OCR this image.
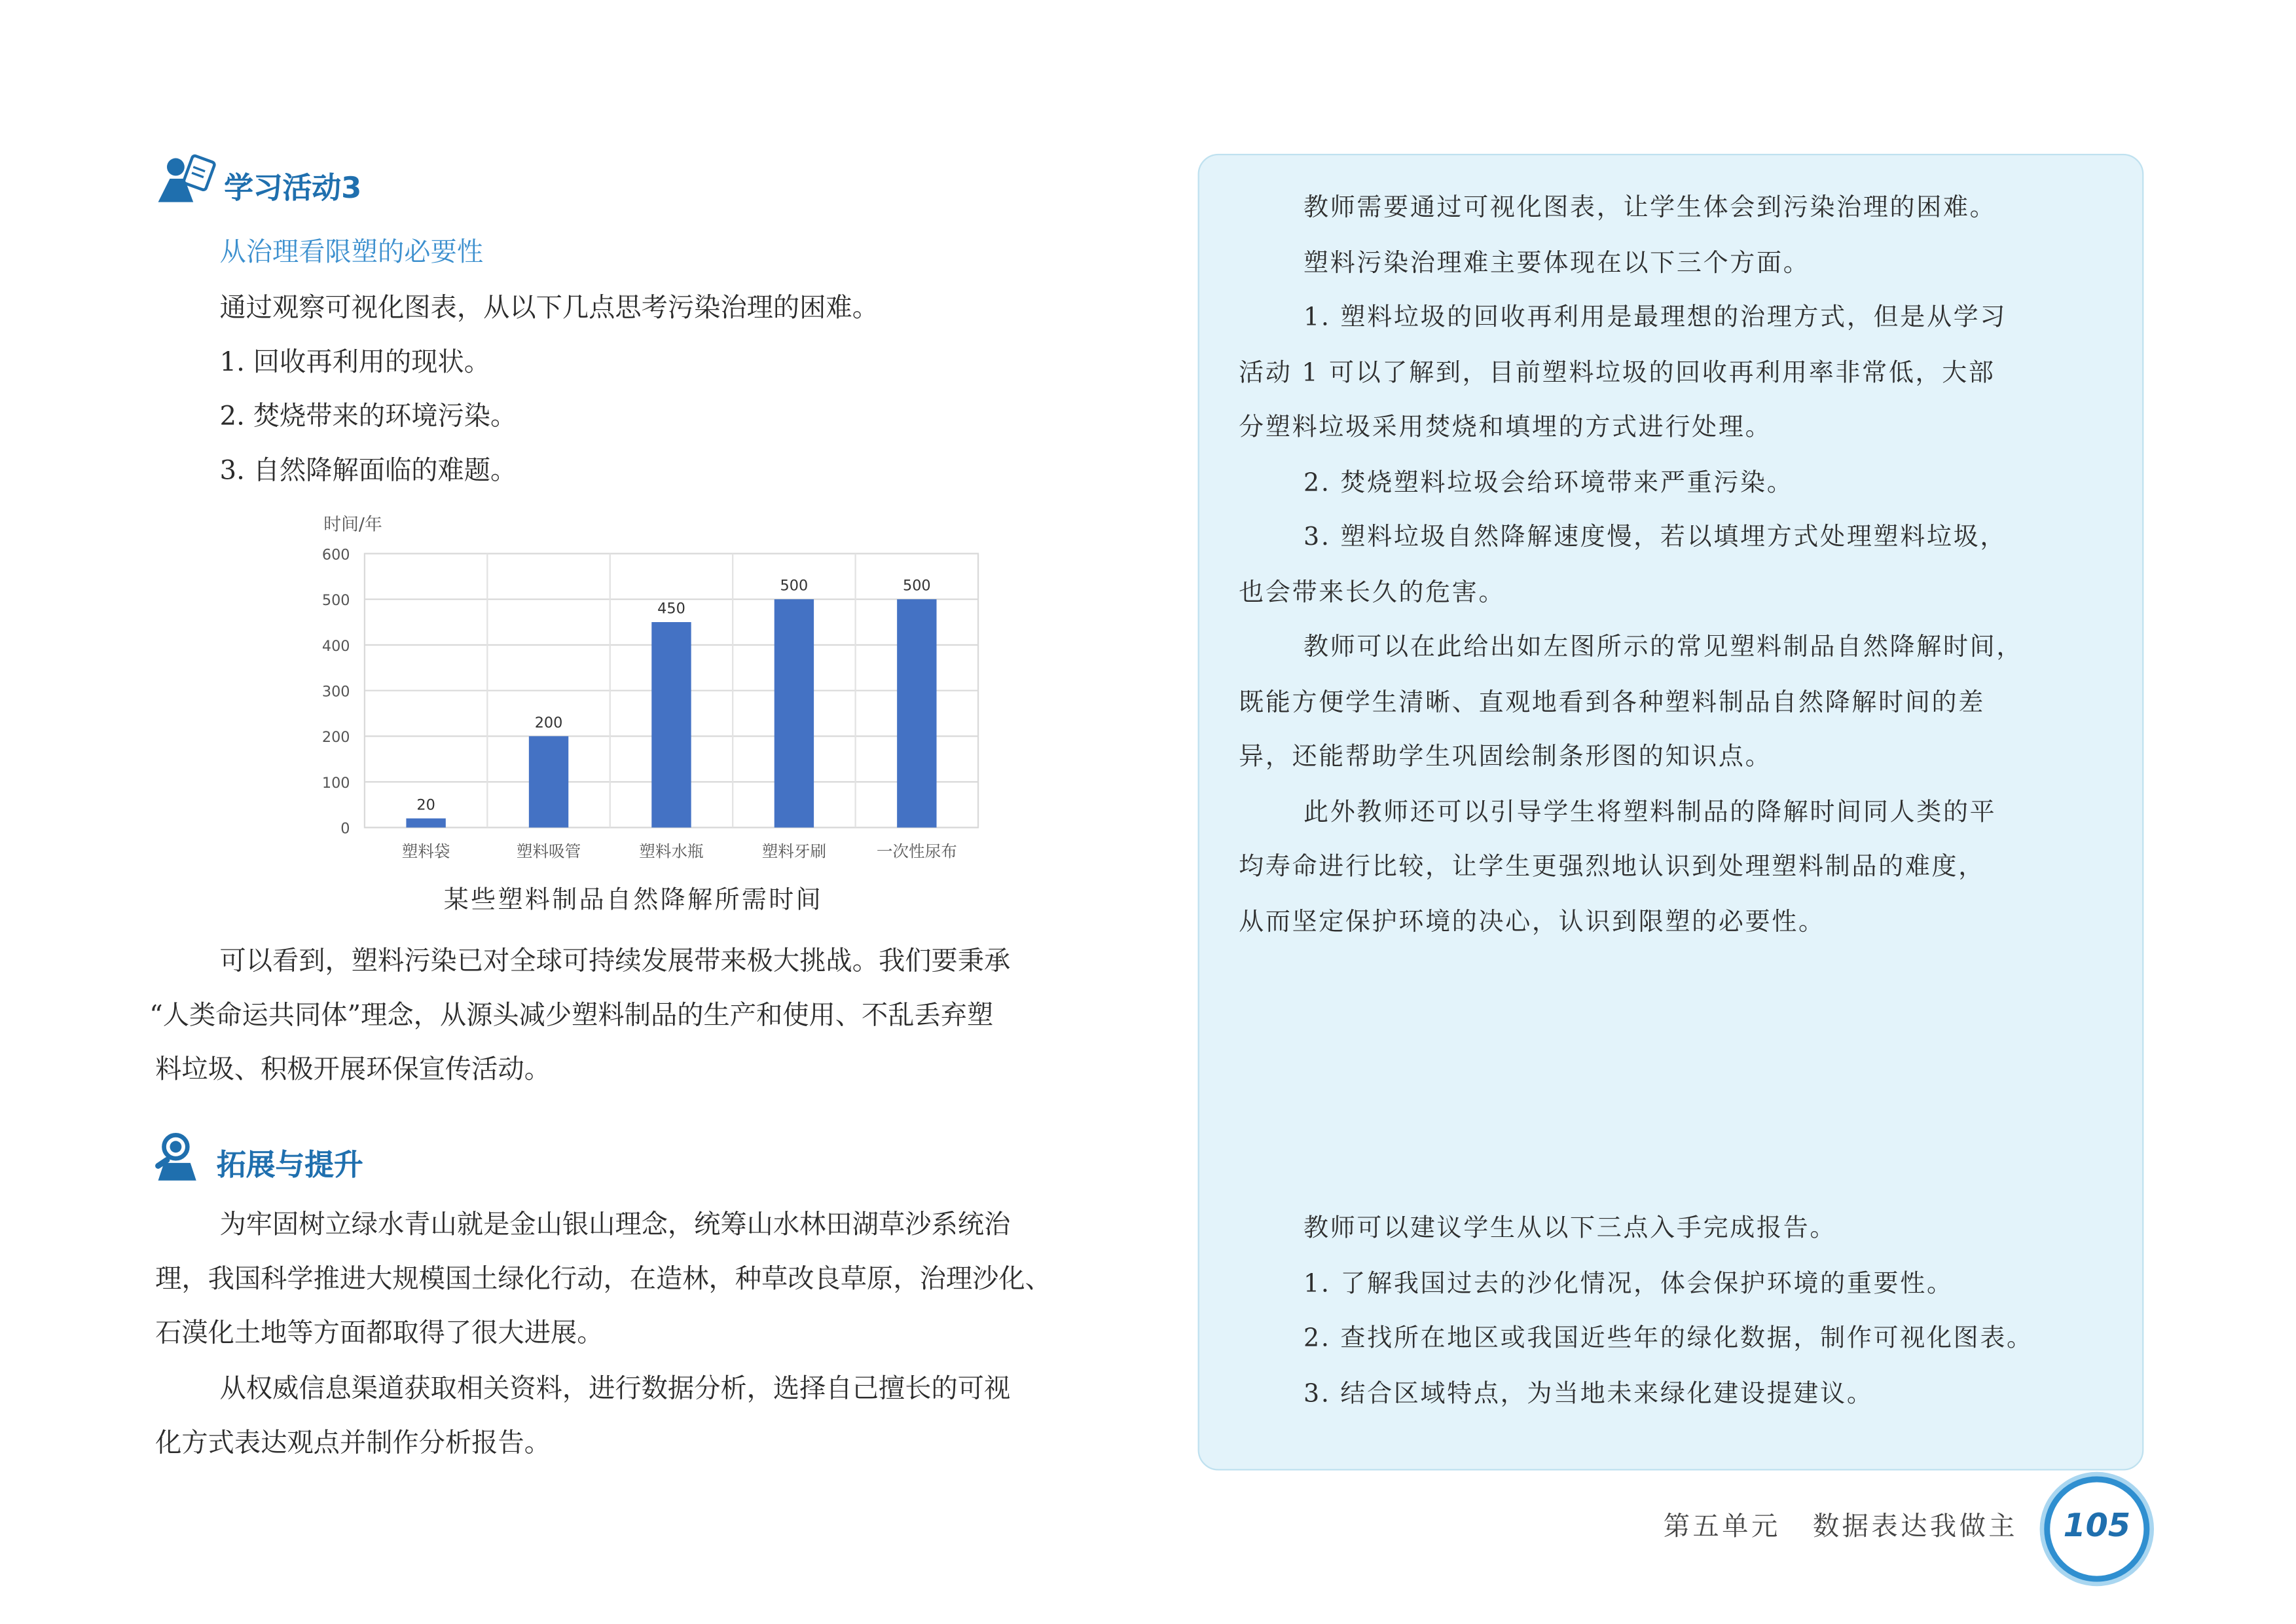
学习活动3
从治理看限塑的必要性
通过观察可视化图表，从以下几点思考污染治理的困难。
1. 回收再利用的现状。
2. 焚烧带来的环境污染。
3. 自然降解面临的难题。
时间/年
0
100
200
300
400
500
600
20
塑料袋
200
塑料吸管
450
塑料水瓶
500
塑料牙刷
500
一次性尿布
某些塑料制品自然降解所需时间

可以看到，塑料污染已对全球可持续发展带来极大挑战。我们要秉承

“人类命运共同体”理念，从源头减少塑料制品的生产和使用、不乱丢弃塑

料垃圾、积极开展环保宣传活动。

拓展与提升

为牢固树立绿水青山就是金山银山理念，统筹山水林田湖草沙系统治

理，我国科学推进大规模国土绿化行动，在造林，种草改良草原，治理沙化、

石漠化土地等方面都取得了很大进展。

从权威信息渠道获取相关资料，进行数据分析，选择自己擅长的可视

化方式表达观点并制作分析报告。

教师需要通过可视化图表，让学生体会到污染治理的困难。

塑料污染治理难主要体现在以下三个方面。

1. 塑料垃圾的回收再利用是最理想的治理方式，但是从学习

活动 1 可以了解到，目前塑料垃圾的回收再利用率非常低，大部

分塑料垃圾采用焚烧和填埋的方式进行处理。

2. 焚烧塑料垃圾会给环境带来严重污染。

3. 塑料垃圾自然降解速度慢，若以填埋方式处理塑料垃圾，

也会带来长久的危害。

教师可以在此给出如左图所示的常见塑料制品自然降解时间，

既能方便学生清晰、直观地看到各种塑料制品自然降解时间的差

异，还能帮助学生巩固绘制条形图的知识点。

此外教师还可以引导学生将塑料制品的降解时间同人类的平

均寿命进行比较，让学生更强烈地认识到处理塑料制品的难度，

从而坚定保护环境的决心，认识到限塑的必要性。

教师可以建议学生从以下三点入手完成报告。

1. 了解我国过去的沙化情况，体会保护环境的重要性。

2. 查找所在地区或我国近些年的绿化数据，制作可视化图表。

3. 结合区域特点，为当地未来绿化建设提建议。

第五单元	数据表达我做主	105
